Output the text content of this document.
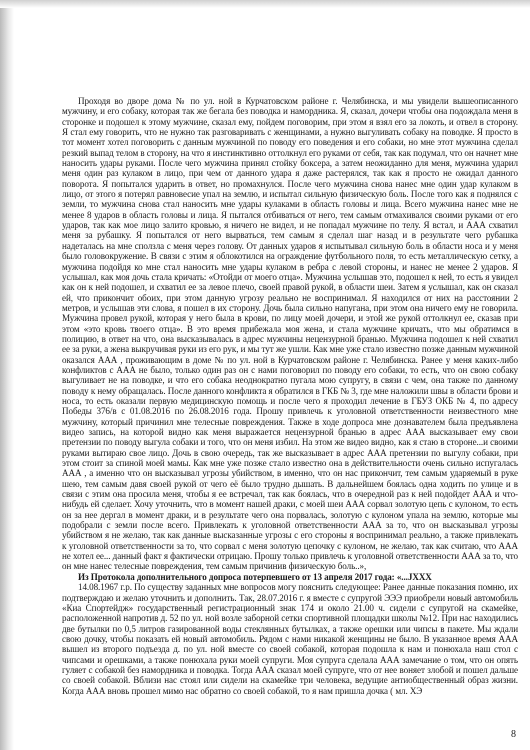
Проходя во дворе дома № по ул. ной в Курчатовском районе г. Челябинска, и мы увидели вышеописанного мужчину, и его собаку, которая так же бегала без поводка и намордника. Я, сказал, дочери чтобы она подождала меня в сторонке и подошел к этому мужчине, сказал ему, пойдем поговорим, при этом я взял его за локоть, и отвел в сторону. Я стал ему говорить, что не нужно так разговаривать с женщинами, а нужно выгуливать собаку на поводке. Я просто в тот момент хотел поговорить с данным мужчиной по поводу его поведения и его собаки, но мне этот мужчина сделал резкий выпад телом в сторону, на что я инстинктивно оттолкнул его руками от себя, так как подумал, что он начнет мне наносить удары руками. После чего мужчина принял стойку боксера, а затем неожиданно для меня, мужчина ударил меня один раз кулаком в лицо, при чем от данного удара я даже растерялся, так как я просто не ожидал данного поворота. Я попытался ударить в ответ, но промахнулся. После чего мужчина снова нанес мне один удар кулаком в лицо, от этого я потерял равновесие упал на землю, и испытал сильную физическую боль. После того как я поднялся с земли, то мужчина снова стал наносить мне удары кулаками в область головы и лица. Всего мужчина нанес мне не менее 8 ударов в область головы и лица. Я пытался отбиваться от него, тем самым отмахивался своими руками от его ударов, так как мое лицо залито кровью, я ничего не видел, и не попадал мужчине по телу. Я встал, и ААА схватил меня за рубашку. Я попытался от него вырваться, тем самым я сделал шаг назад и в результате чего рубашка надеталась на мне сползла с меня через голову. От данных ударов я испытывал сильную боль в области носа и у меня было головокружение. В связи с этим я облокотился на ограждение футбольного поля, то есть металлическую сетку, а мужчина подойдя ко мне стал наносить мне удары кулаком в ребра с левой стороны, и нанес не менее 2 ударов. Я услышал, как моя дочь стала кричать: «Отойди от моего отца». Мужчина услышав это, подошел к ней, то есть я увидел как он к ней подошел, и схватил ее за левое плечо, своей правой рукой, в области шеи. Затем я услышал, как он сказал ей, что прикончит обоих, при этом данную угрозу реально не воспринимал. Я находился от них на расстоянии 2 метров, и услышав эти слова, я пошел в их сторону. Дочь была сильно напугана, при этом она ничего ему не говорила. Мужчина провел рукой, которая у него была в крови, по лицу моей дочери, и этой же рукой оттолкнул ее, сказав при этом «это кровь твоего отца». В это время прибежала моя жена, и стала мужчине кричать, что мы обратимся в полицию, в ответ на что, она высказывалась в адрес мужчины нецензурной бранью. Мужчина подошел к ней схватил ее за руки, а жена выкручивая руки из его рук, и мы тут же ушли. Как мне уже стало известно позже данным мужчиной оказался ААА , проживающим в доме № по ул. ной в Курчатовском районе г. Челябинска. Ранее у меня каких-либо конфликтов с ААА не было, только один раз он с нами поговорил по поводу его собаки, то есть, что он свою собаку выгуливает не на поводке, и что его собака неоднократно пугала мою супругу, в связи с чем, она также по данному поводу к нему обращалась. После данного конфликта я обратился в ГКБ № 3, где мне наложили швы в области брови и носа, то есть оказали первую медицинскую помощь и после чего я проходил лечение в ГБУЗ ОКБ № 4, по адресу Победы 376/в с 01.08.2016 по 26.08.2016 года. Прошу привлечь к уголовной ответственности неизвестного мне мужчину, который причинил мне телесные повреждения. Также в ходе допроса мне дознавателем была предъявлена видео запись, на которой видно как меня выражается нецензурной бранью в адрес ААА высказывает ему свои претензии по поводу выгула собаки и того, что он меня избил. На этом же видео видно, как я стаю в стороне...и своими руками вытираю свое лицо. Дочь в свою очередь, так же высказывает в адрес ААА претензии по выгулу собаки, при этом стоит за спиной моей мамы. Как мне уже позже стало известно она в действительности очень сильно испугалась ААА , а именно что он высказывал угрозы убийством, в именно, что он нас прикончит, тем самым ударяемый в руке шею, тем самым давя своей рукой от чего её было трудно дышать. В дальнейшем боялась одна ходить по улице и в связи с этим она просила меня, чтобы я ее встречал, так как боялась, что в очередной раз к ней подойдет ААА и что-нибудь ей сделает. Хочу уточнить, что в момент нашей драки, с моей шеи ААА сорвал золотую цепь с кулоном, то есть он за нее дергал в момент драки, и в результате чего она порвалась, золотую с кулоном упала на землю, которые мы подобрали с земли после всего. Привлекать к уголовной ответственности ААА за то, что он высказывал угрозы убийством я не желаю, так как данные высказанные угрозы с его стороны я воспринимал реально, а также привлекать к уголовной ответственности за то, что сорвал с меня золотую цепочку с кулоном, не желаю, так как считаю, что ААА не хотел ее... данный факт я фактически отрицаю. Прошу только привлечь к уголовной ответственности ААА за то, что он мне нанес телесные повреждения, тем самым причинив физическую боль..»,

Из Протокола дополнительного допроса потерпевшего от 13 апреля 2017 года: «...JXXX

14.08.1967 г.р. По существу заданных мне вопросов могу пояснить следующее: Ранее данные показания помню, их подтверждаю и желаю уточнить и дополнить. Так, 28.07.2016 г. я вместе с супругой ЭЭЭ приобрели новый автомобиль «Киа Спортейдж» государственный регистрационный знак 174 и около 21.00 ч. сидели с супругой на скамейке, расположенной напротив д. 52 по ул. ной возле заборной сетки спортивной площадки школы №12. При нас находились две бутылки по 0,5 литров газированной воды стеклянных бутылках, а также орешки или чипсы в пакете. Мы ждали свою дочку, чтобы показать ей новый автомобиль. Рядом с нами никакой женщины не было. В указанное время ААА вышел из второго подъезда д. по ул. ной вместе со своей собакой, которая подошла к нам и понюхала наш стол с чипсами и орешками, а также понюхала руки моей супруги. Моя супруга сделала ААА замечание о том, что он опять гуляет с собакой без намордника и поводка. Тогда ААА сказал моей супруге, что от нее воняет злобой и пошел дальше со своей собакой. Вблизи нас стоял или сидели на скамейке три человека, ведущие антиобщественный образ жизни. Когда ААА вновь прошел мимо нас обратно со своей собакой, то я нам пришла дочка ( мл. ХЭ

8
